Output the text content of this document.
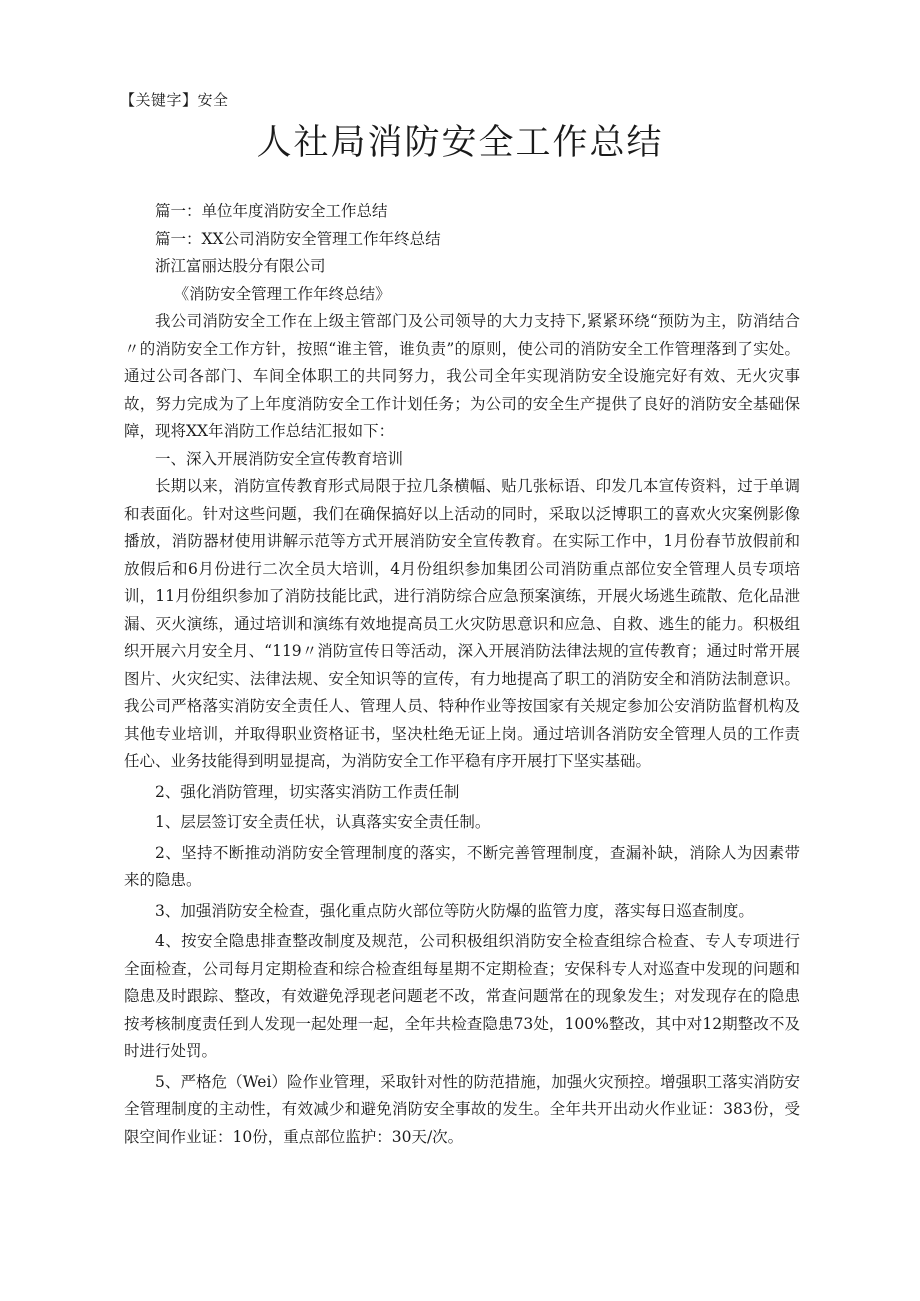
【关键字】安全
人社局消防安全工作总结

篇一：单位年度消防安全工作总结

篇一：XX公司消防安全管理工作年终总结

浙江富丽达股分有限公司

《消防安全管理工作年终总结》

我公司消防安全工作在上级主管部门及公司领导的大力支持下,紧紧环绕“预防为主，防消结合〃的消防安全工作方针，按照“谁主管，谁负责”的原则，使公司的消防安全工作管理落到了实处。通过公司各部门、车间全体职工的共同努力，我公司全年实现消防安全设施完好有效、无火灾事故，努力完成为了上年度消防安全工作计划任务；为公司的安全生产提供了良好的消防安全基础保障，现将XX年消防工作总结汇报如下：

一、深入开展消防安全宣传教育培训

长期以来，消防宣传教育形式局限于拉几条横幅、贴几张标语、印发几本宣传资料，过于单调和表面化。针对这些问题，我们在确保搞好以上活动的同时，采取以泛博职工的喜欢火灾案例影像播放，消防器材使用讲解示范等方式开展消防安全宣传教育。在实际工作中，1月份春节放假前和放假后和6月份进行二次全员大培训，4月份组织参加集团公司消防重点部位安全管理人员专项培训，11月份组织参加了消防技能比武，进行消防综合应急预案演练，开展火场逃生疏散、危化品泄漏、灭火演练，通过培训和演练有效地提高员工火灾防思意识和应急、自救、逃生的能力。积极组织开展六月安全月、“119〃消防宣传日等活动，深入开展消防法律法规的宣传教育；通过时常开展图片、火灾纪实、法律法规、安全知识等的宣传，有力地提高了职工的消防安全和消防法制意识。我公司严格落实消防安全责任人、管理人员、特种作业等按国家有关规定参加公安消防监督机构及其他专业培训，并取得职业资格证书，坚决杜绝无证上岗。通过培训各消防安全管理人员的工作责任心、业务技能得到明显提高，为消防安全工作平稳有序开展打下坚实基础。

2、强化消防管理，切实落实消防工作责任制

1、层层签订安全责任状，认真落实安全责任制。

2、坚持不断推动消防安全管理制度的落实，不断完善管理制度，查漏补缺，消除人为因素带来的隐患。

3、加强消防安全检查，强化重点防火部位等防火防爆的监管力度，落实每日巡查制度。

4、按安全隐患排查整改制度及规范，公司积极组织消防安全检查组综合检查、专人专项进行全面检查，公司每月定期检查和综合检查组每星期不定期检查；安保科专人对巡查中发现的问题和隐患及时跟踪、整改，有效避免浮现老问题老不改，常查问题常在的现象发生；对发现存在的隐患按考核制度责任到人发现一起处理一起，全年共检查隐患73处，100%整改，其中对12期整改不及时进行处罚。

5、严格危（Wei）险作业管理，采取针对性的防范措施，加强火灾预控。增强职工落实消防安全管理制度的主动性，有效减少和避免消防安全事故的发生。全年共开出动火作业证：383份，受限空间作业证：10份，重点部位监护：30天/次。
